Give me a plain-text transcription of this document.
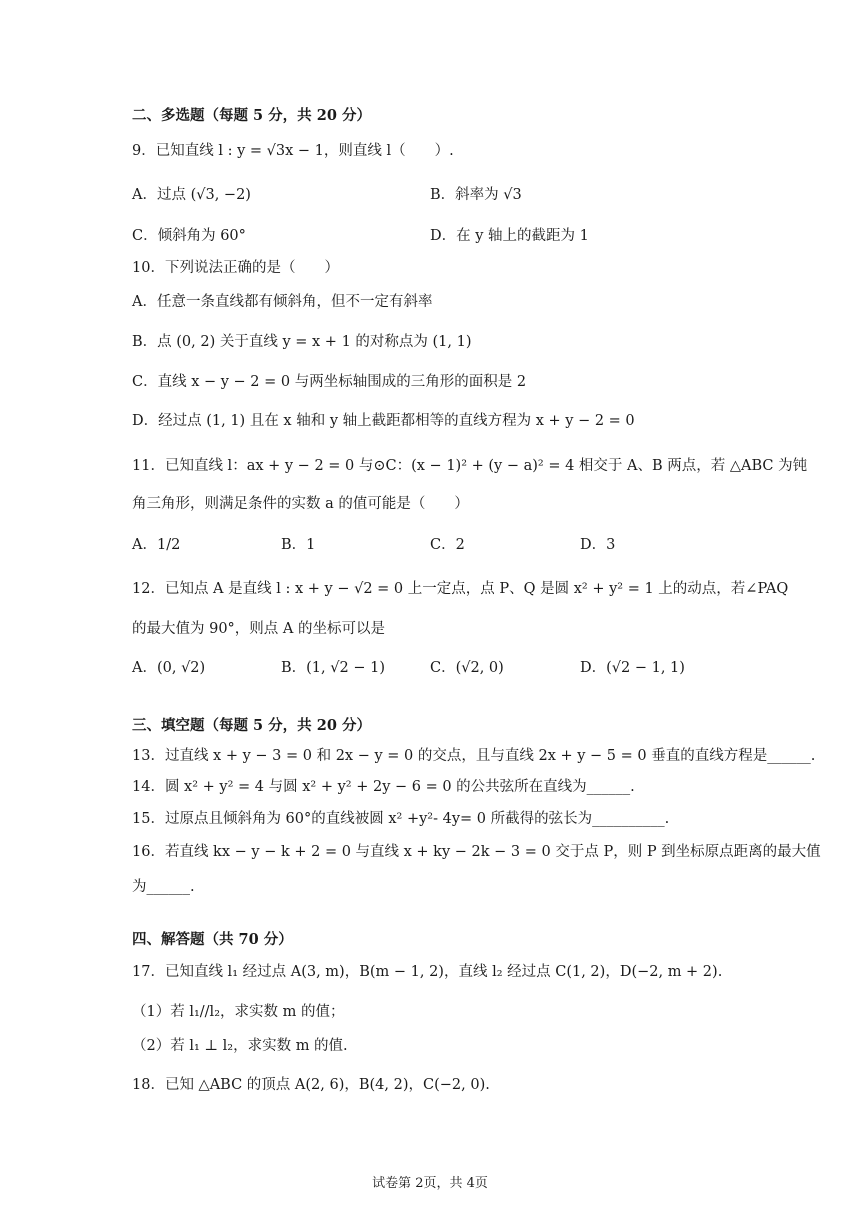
二、多选题（每题 5 分，共 20 分）
9．已知直线 l : y = √3x − 1，则直线 l（　　）.
A．过点 (√3, −2)	B．斜率为 √3
C．倾斜角为 60°	D．在 y 轴上的截距为 1
10．下列说法正确的是（　　）
A．任意一条直线都有倾斜角，但不一定有斜率
B．点 (0, 2) 关于直线 y = x + 1 的对称点为 (1, 1)
C．直线 x − y − 2 = 0 与两坐标轴围成的三角形的面积是 2
D．经过点 (1, 1) 且在 x 轴和 y 轴上截距都相等的直线方程为 x + y − 2 = 0
11．已知直线 l：ax + y − 2 = 0 与⊙C：(x − 1)² + (y − a)² = 4 相交于 A、B 两点，若 △ABC 为钝
角三角形，则满足条件的实数 a 的值可能是（　　）
A．1/2	B．1	C．2	D．3
12．已知点 A 是直线 l : x + y − √2 = 0 上一定点，点 P、Q 是圆 x² + y² = 1 上的动点，若∠PAQ
的最大值为 90°，则点 A 的坐标可以是
A．(0, √2)	B．(1, √2 − 1)	C．(√2, 0)	D．(√2 − 1, 1)
三、填空题（每题 5 分，共 20 分）
13．过直线 x + y − 3 = 0 和 2x − y = 0 的交点，且与直线 2x + y − 5 = 0 垂直的直线方程是______.
14．圆 x² + y² = 4 与圆 x² + y² + 2y − 6 = 0 的公共弦所在直线为______.
15．过原点且倾斜角为 60°的直线被圆 x² +y²- 4y= 0 所截得的弦长为__________.
16．若直线 kx − y − k + 2 = 0 与直线 x + ky − 2k − 3 = 0 交于点 P，则 P 到坐标原点距离的最大值
为______.
四、解答题（共 70 分）
17．已知直线 l₁ 经过点 A(3, m)，B(m − 1, 2)，直线 l₂ 经过点 C(1, 2)，D(−2, m + 2).
（1）若 l₁//l₂，求实数 m 的值；
（2）若 l₁ ⊥ l₂，求实数 m 的值.
18．已知 △ABC 的顶点 A(2, 6)，B(4, 2)，C(−2, 0).
试卷第 2页，共 4页
